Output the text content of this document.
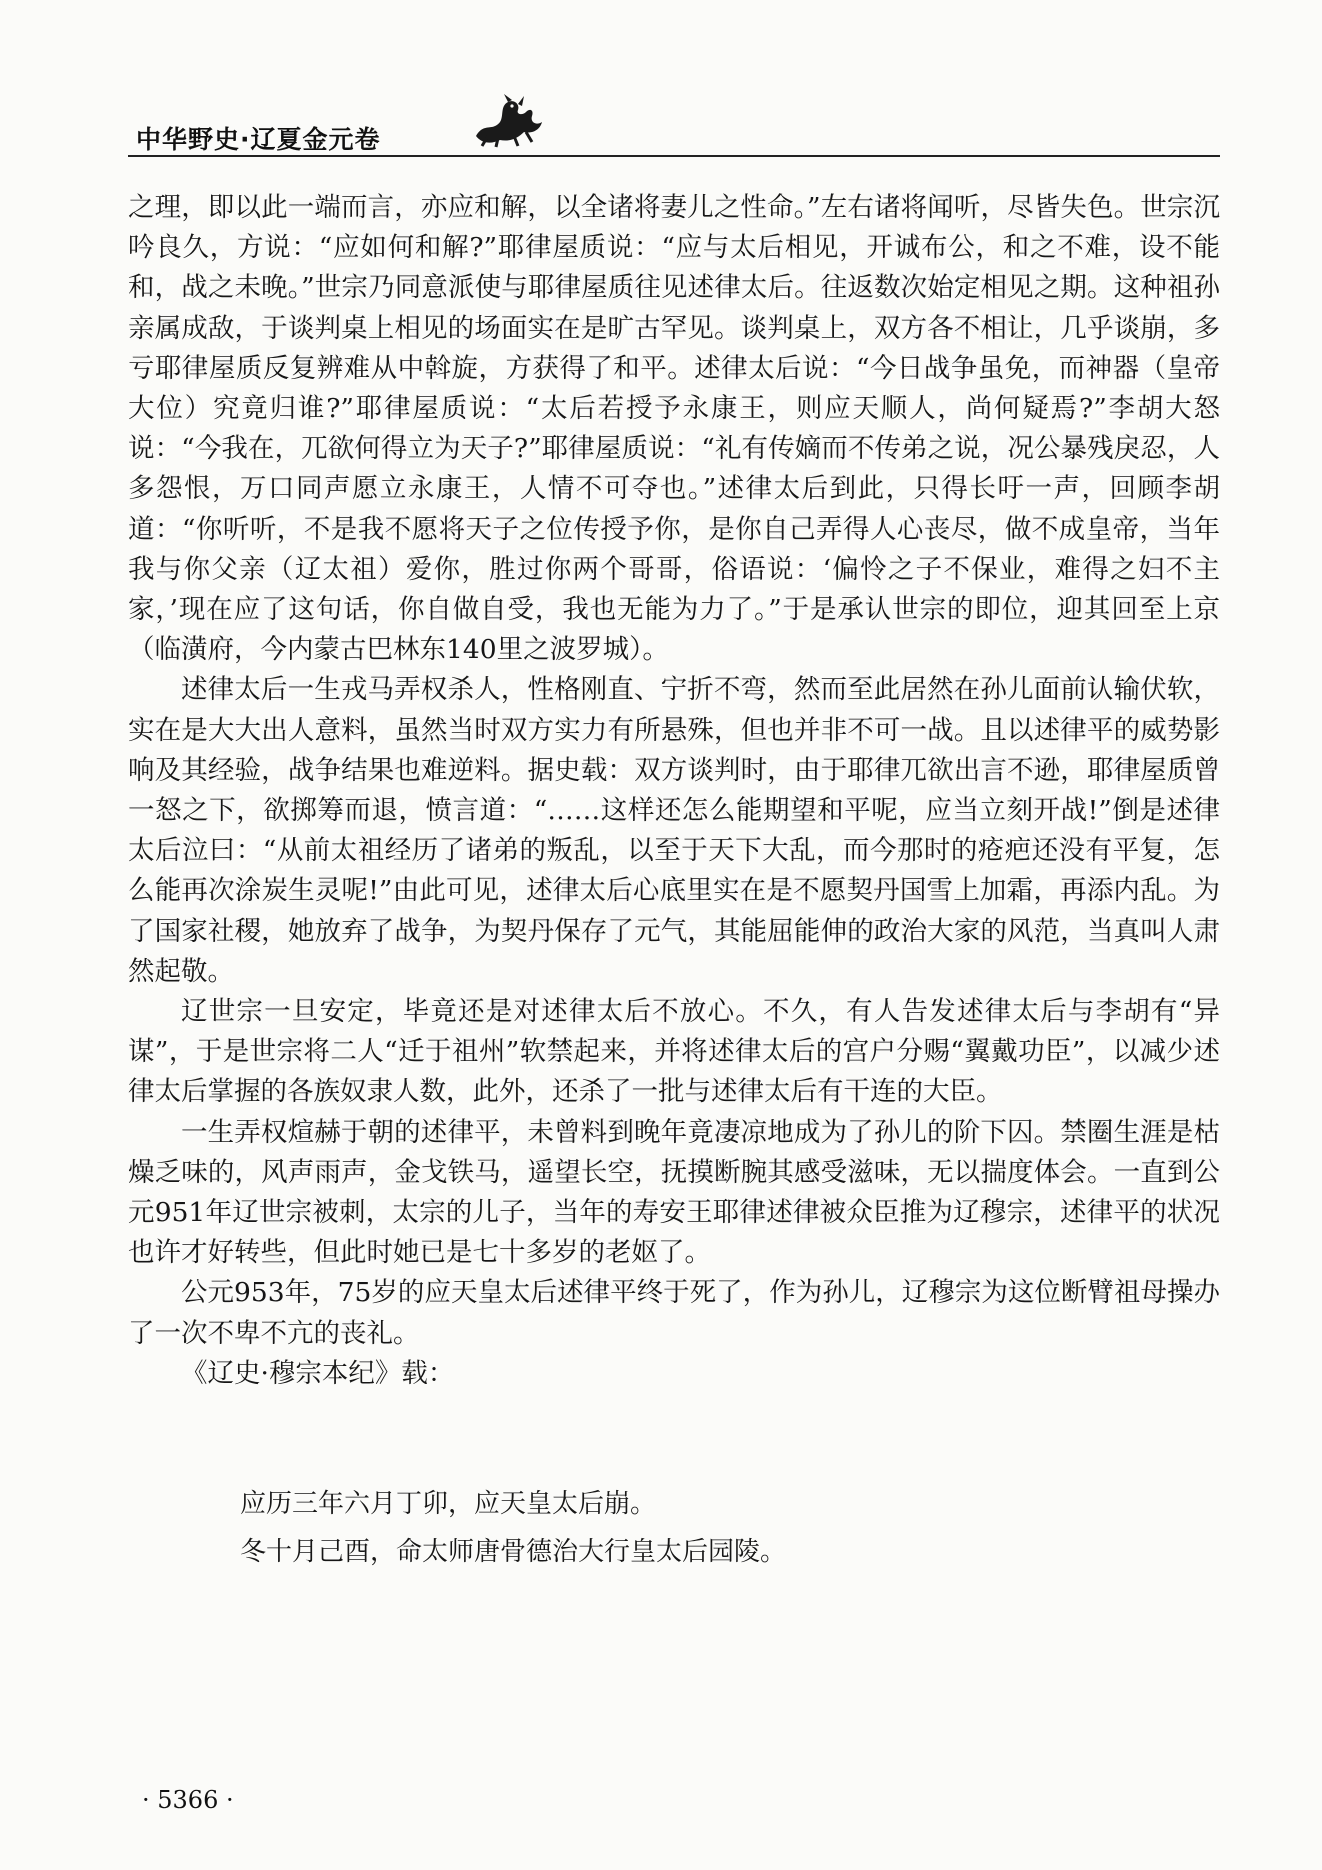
中华野史·辽夏金元卷

之理，即以此一端而言，亦应和解，以全诸将妻儿之性命。”左右诸将闻听，尽皆失色。世宗沉吟良久，方说：“应如何和解?”耶律屋质说：“应与太后相见，开诚布公，和之不难，设不能和，战之未晚。”世宗乃同意派使与耶律屋质往见述律太后。往返数次始定相见之期。这种祖孙亲属成敌，于谈判桌上相见的场面实在是旷古罕见。谈判桌上，双方各不相让，几乎谈崩，多亏耶律屋质反复辨难从中斡旋，方获得了和平。述律太后说：“今日战争虽免，而神器（皇帝大位）究竟归谁?”耶律屋质说：“太后若授予永康王，则应天顺人，尚何疑焉?”李胡大怒说：“今我在，兀欲何得立为天子?”耶律屋质说：“礼有传嫡而不传弟之说，况公暴残戾忍，人多怨恨，万口同声愿立永康王，人情不可夺也。”述律太后到此，只得长吁一声，回顾李胡道：“你听听，不是我不愿将天子之位传授予你，是你自己弄得人心丧尽，做不成皇帝，当年我与你父亲（辽太祖）爱你，胜过你两个哥哥，俗语说：‘偏怜之子不保业，难得之妇不主家，’现在应了这句话，你自做自受，我也无能为力了。”于是承认世宗的即位，迎其回至上京（临潢府，今内蒙古巴林东140里之波罗城）。

述律太后一生戎马弄权杀人，性格刚直、宁折不弯，然而至此居然在孙儿面前认输伏软，实在是大大出人意料，虽然当时双方实力有所悬殊，但也并非不可一战。且以述律平的威势影响及其经验，战争结果也难逆料。据史载：双方谈判时，由于耶律兀欲出言不逊，耶律屋质曾一怒之下，欲掷筹而退，愤言道：“……这样还怎么能期望和平呢，应当立刻开战!”倒是述律太后泣曰：“从前太祖经历了诸弟的叛乱，以至于天下大乱，而今那时的疮疤还没有平复，怎么能再次涂炭生灵呢!”由此可见，述律太后心底里实在是不愿契丹国雪上加霜，再添内乱。为了国家社稷，她放弃了战争，为契丹保存了元气，其能屈能伸的政治大家的风范，当真叫人肃然起敬。

辽世宗一旦安定，毕竟还是对述律太后不放心。不久，有人告发述律太后与李胡有“异谋”，于是世宗将二人“迁于祖州”软禁起来，并将述律太后的宫户分赐“翼戴功臣”，以减少述律太后掌握的各族奴隶人数，此外，还杀了一批与述律太后有干连的大臣。

一生弄权煊赫于朝的述律平，未曾料到晚年竟凄凉地成为了孙儿的阶下囚。禁圈生涯是枯燥乏味的，风声雨声，金戈铁马，遥望长空，抚摸断腕其感受滋味，无以揣度体会。一直到公元951年辽世宗被刺，太宗的儿子，当年的寿安王耶律述律被众臣推为辽穆宗，述律平的状况也许才好转些，但此时她已是七十多岁的老妪了。

公元953年，75岁的应天皇太后述律平终于死了，作为孙儿，辽穆宗为这位断臂祖母操办了一次不卑不亢的丧礼。

《辽史·穆宗本纪》载：

应历三年六月丁卯，应天皇太后崩。

冬十月己酉，命太师唐骨德治大行皇太后园陵。

· 5366 ·
